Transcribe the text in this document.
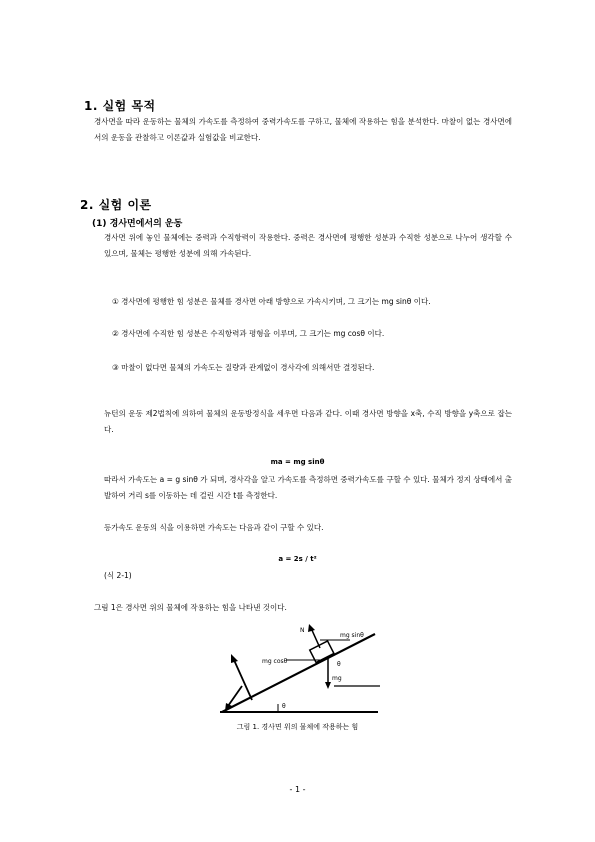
1. 실험 목적
경사면을 따라 운동하는 물체의 가속도를 측정하여 중력가속도를 구하고, 물체에 작용하는 힘을 분석한다. 마찰이 없는 경사면에서의 운동을 관찰하고 이론값과 실험값을 비교한다.
2. 실험 이론
(1) 경사면에서의 운동
경사면 위에 놓인 물체에는 중력과 수직항력이 작용한다. 중력은 경사면에 평행한 성분과 수직한 성분으로 나누어 생각할 수 있으며, 물체는 평행한 성분에 의해 가속된다.
① 경사면에 평행한 힘 성분은 물체를 경사면 아래 방향으로 가속시키며, 그 크기는 mg sinθ 이다.
② 경사면에 수직한 힘 성분은 수직항력과 평형을 이루며, 그 크기는 mg cosθ 이다.
③ 마찰이 없다면 물체의 가속도는 질량과 관계없이 경사각에 의해서만 결정된다.
뉴턴의 운동 제2법칙에 의하여 물체의 운동방정식을 세우면 다음과 같다. 이때 경사면 방향을 x축, 수직 방향을 y축으로 잡는다.
ma = mg sinθ
따라서 가속도는 a = g sinθ 가 되며, 경사각을 알고 가속도를 측정하면 중력가속도를 구할 수 있다. 물체가 정지 상태에서 출발하여 거리 s를 이동하는 데 걸린 시간 t를 측정한다.
등가속도 운동의 식을 이용하면 가속도는 다음과 같이 구할 수 있다.
a = 2s / t²
(식 2-1)
그림 1은 경사면 위의 물체에 작용하는 힘을 나타낸 것이다.
N
mg
mg cosθ
mg sinθ
θ
θ
그림 1. 경사면 위의 물체에 작용하는 힘
- 1 -
